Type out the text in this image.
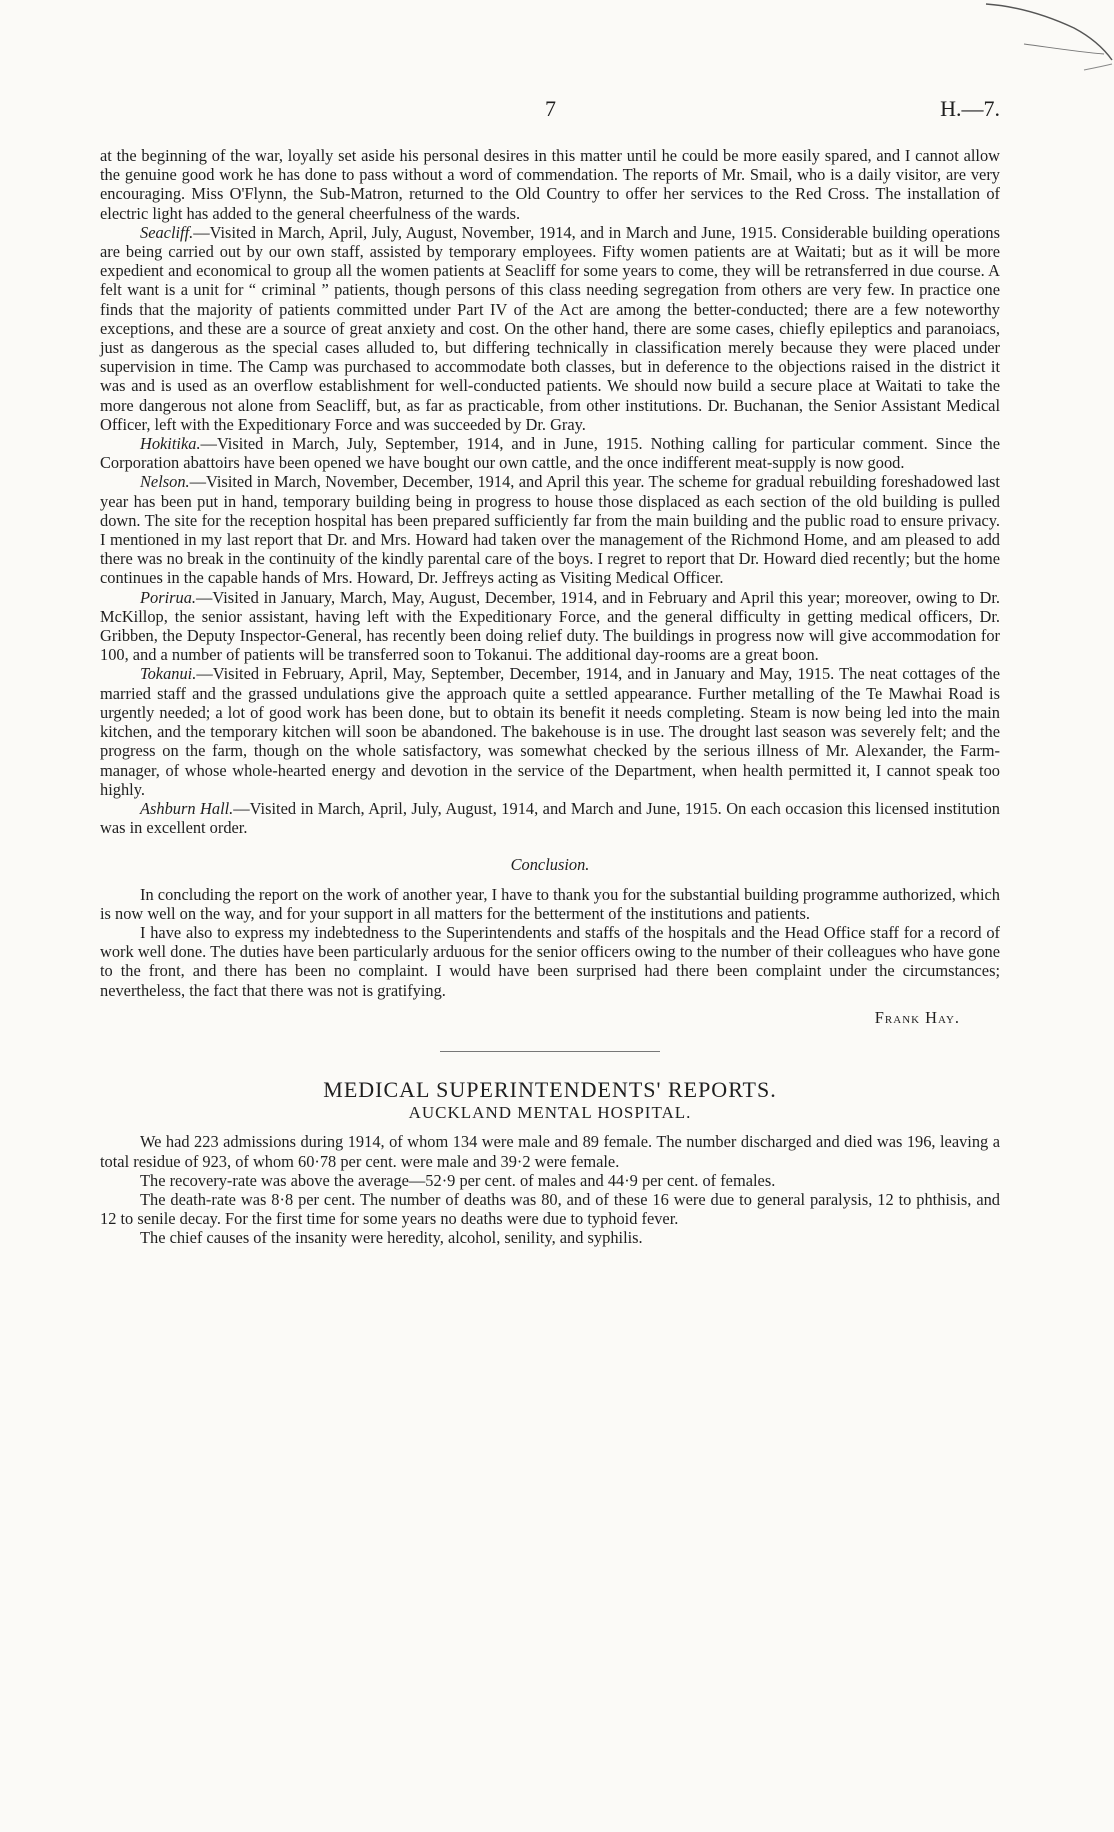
7	H.—7.

at the beginning of the war, loyally set aside his personal desires in this matter until he could be more easily spared, and I cannot allow the genuine good work he has done to pass without a word of commendation. The reports of Mr. Smail, who is a daily visitor, are very encouraging. Miss O'Flynn, the Sub-Matron, returned to the Old Country to offer her services to the Red Cross. The installation of electric light has added to the general cheerfulness of the wards.

Seacliff.—Visited in March, April, July, August, November, 1914, and in March and June, 1915. Considerable building operations are being carried out by our own staff, assisted by temporary employees. Fifty women patients are at Waitati; but as it will be more expedient and economical to group all the women patients at Seacliff for some years to come, they will be retransferred in due course. A felt want is a unit for “ criminal ” patients, though persons of this class needing segregation from others are very few. In practice one finds that the majority of patients committed under Part IV of the Act are among the better-conducted; there are a few noteworthy exceptions, and these are a source of great anxiety and cost. On the other hand, there are some cases, chiefly epileptics and paranoiacs, just as dangerous as the special cases alluded to, but differing technically in classification merely because they were placed under supervision in time. The Camp was purchased to accommodate both classes, but in deference to the objections raised in the district it was and is used as an overflow establishment for well-conducted patients. We should now build a secure place at Waitati to take the more dangerous not alone from Seacliff, but, as far as practicable, from other institutions. Dr. Buchanan, the Senior Assistant Medical Officer, left with the Expeditionary Force and was succeeded by Dr. Gray.

Hokitika.—Visited in March, July, September, 1914, and in June, 1915. Nothing calling for particular comment. Since the Corporation abattoirs have been opened we have bought our own cattle, and the once indifferent meat-supply is now good.

Nelson.—Visited in March, November, December, 1914, and April this year. The scheme for gradual rebuilding foreshadowed last year has been put in hand, temporary building being in progress to house those displaced as each section of the old building is pulled down. The site for the reception hospital has been prepared sufficiently far from the main building and the public road to ensure privacy. I mentioned in my last report that Dr. and Mrs. Howard had taken over the management of the Richmond Home, and am pleased to add there was no break in the continuity of the kindly parental care of the boys. I regret to report that Dr. Howard died recently; but the home continues in the capable hands of Mrs. Howard, Dr. Jeffreys acting as Visiting Medical Officer.

Porirua.—Visited in January, March, May, August, December, 1914, and in February and April this year; moreover, owing to Dr. McKillop, the senior assistant, having left with the Expeditionary Force, and the general difficulty in getting medical officers, Dr. Gribben, the Deputy Inspector-General, has recently been doing relief duty. The buildings in progress now will give accommodation for 100, and a number of patients will be transferred soon to Tokanui. The additional day-rooms are a great boon.

Tokanui.—Visited in February, April, May, September, December, 1914, and in January and May, 1915. The neat cottages of the married staff and the grassed undulations give the approach quite a settled appearance. Further metalling of the Te Mawhai Road is urgently needed; a lot of good work has been done, but to obtain its benefit it needs completing. Steam is now being led into the main kitchen, and the temporary kitchen will soon be abandoned. The bakehouse is in use. The drought last season was severely felt; and the progress on the farm, though on the whole satisfactory, was somewhat checked by the serious illness of Mr. Alexander, the Farm-manager, of whose whole-hearted energy and devotion in the service of the Department, when health permitted it, I cannot speak too highly.

Ashburn Hall.—Visited in March, April, July, August, 1914, and March and June, 1915. On each occasion this licensed institution was in excellent order.

Conclusion.

In concluding the report on the work of another year, I have to thank you for the substantial building programme authorized, which is now well on the way, and for your support in all matters for the betterment of the institutions and patients.

I have also to express my indebtedness to the Superintendents and staffs of the hospitals and the Head Office staff for a record of work well done. The duties have been particularly arduous for the senior officers owing to the number of their colleagues who have gone to the front, and there has been no complaint. I would have been surprised had there been complaint under the circumstances; nevertheless, the fact that there was not is gratifying.

Frank Hay.
MEDICAL SUPERINTENDENTS' REPORTS.
AUCKLAND MENTAL HOSPITAL.

We had 223 admissions during 1914, of whom 134 were male and 89 female. The number discharged and died was 196, leaving a total residue of 923, of whom 60·78 per cent. were male and 39·2 were female.

The recovery-rate was above the average—52·9 per cent. of males and 44·9 per cent. of females.

The death-rate was 8·8 per cent. The number of deaths was 80, and of these 16 were due to general paralysis, 12 to phthisis, and 12 to senile decay. For the first time for some years no deaths were due to typhoid fever.

The chief causes of the insanity were heredity, alcohol, senility, and syphilis.
